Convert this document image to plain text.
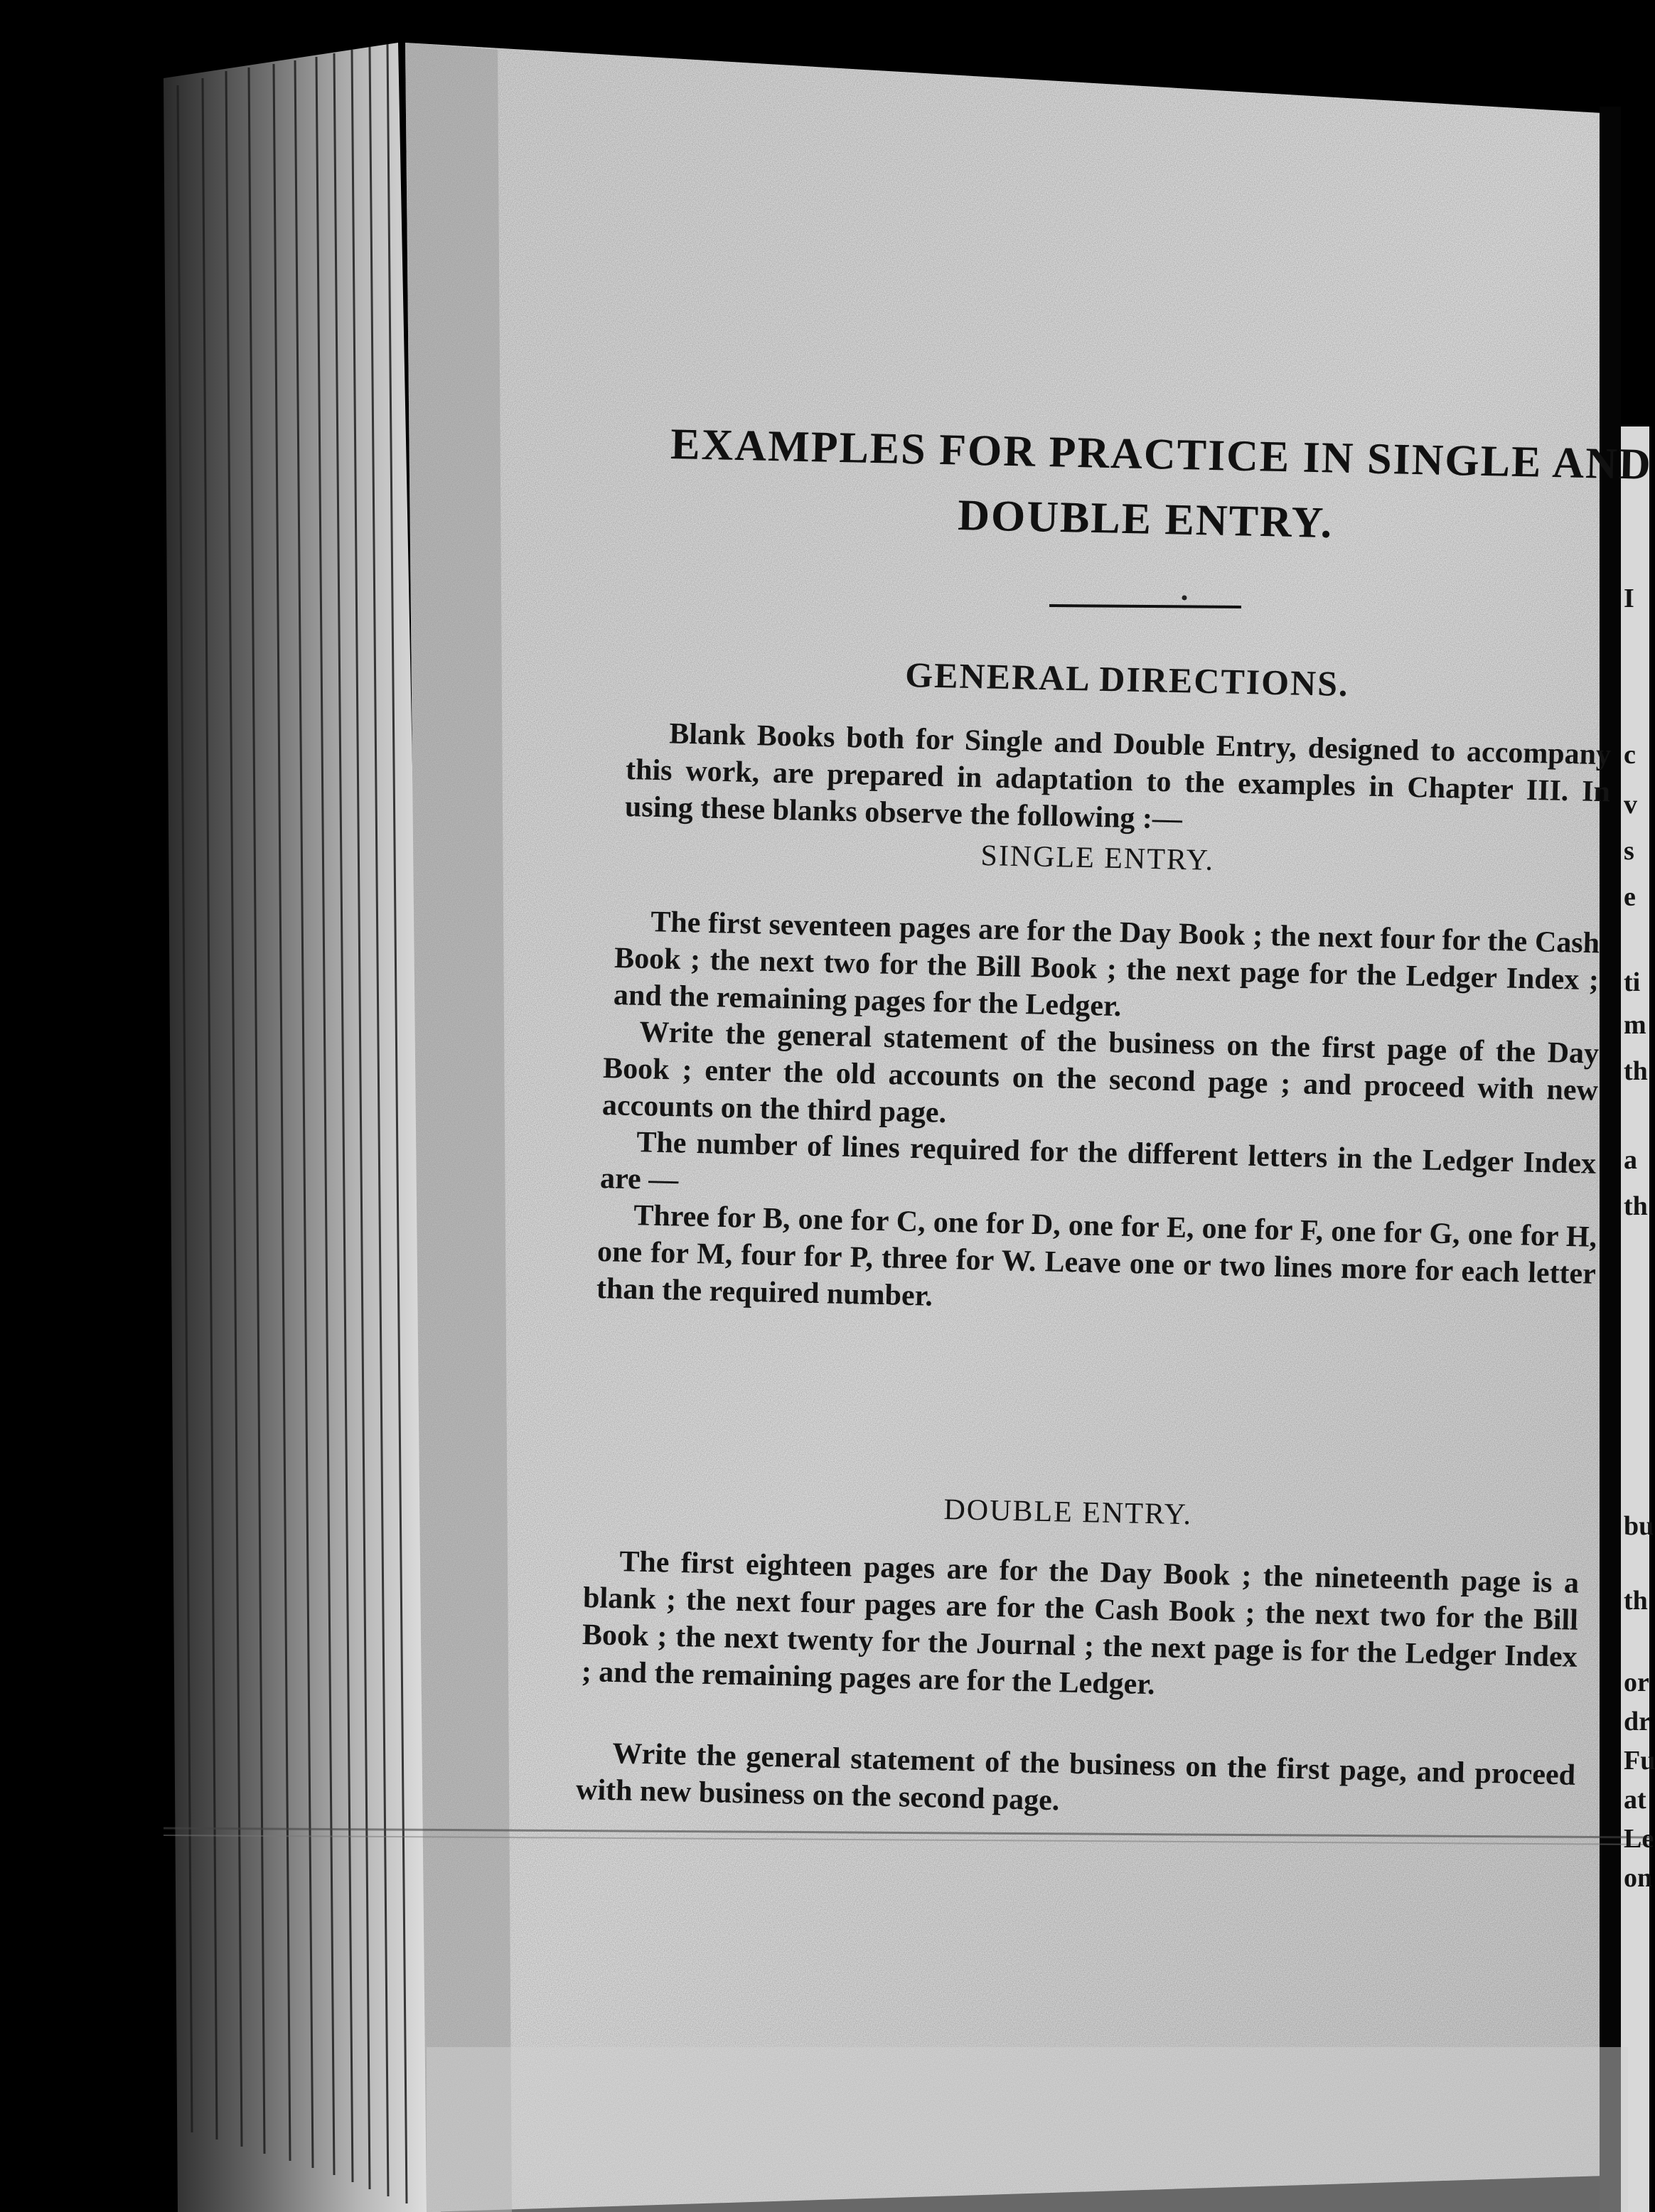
EXAMPLES FOR PRACTICE IN SINGLE AND
DOUBLE ENTRY.
GENERAL DIRECTIONS.
Blank Books both for Single and Double Entry, designed to accompany this work, are prepared in adaptation to the examples in Chapter III. In using these blanks observe the following :—
SINGLE ENTRY.
The first seventeen pages are for the Day Book ; the next four for the Cash Book ; the next two for the Bill Book ; the next page for the Ledger Index ; and the remaining pages for the Ledger.
Write the general statement of the business on the first page of the Day Book ; enter the old accounts on the second page ; and proceed with new accounts on the third page.
The number of lines required for the different letters in the Ledger Index are —
Three for B, one for C, one for D, one for E, one for F, one for G, one for H, one for M, four for P, three for W. Leave one or two lines more for each letter than the required number.
DOUBLE ENTRY.
The first eighteen pages are for the Day Book ; the nineteenth page is a blank ; the next four pages are for the Cash Book ; the next two for the Bill Book ; the next twenty for the Journal ; the next page is for the Ledger Index ; and the remaining pages are for the Ledger.
Write the general statement of the business on the first page, and proceed with new business on the second page.
I
c
v
s
e
ti
m
th
a
th
bu
th
or
dr
Fu
at
Le
on
